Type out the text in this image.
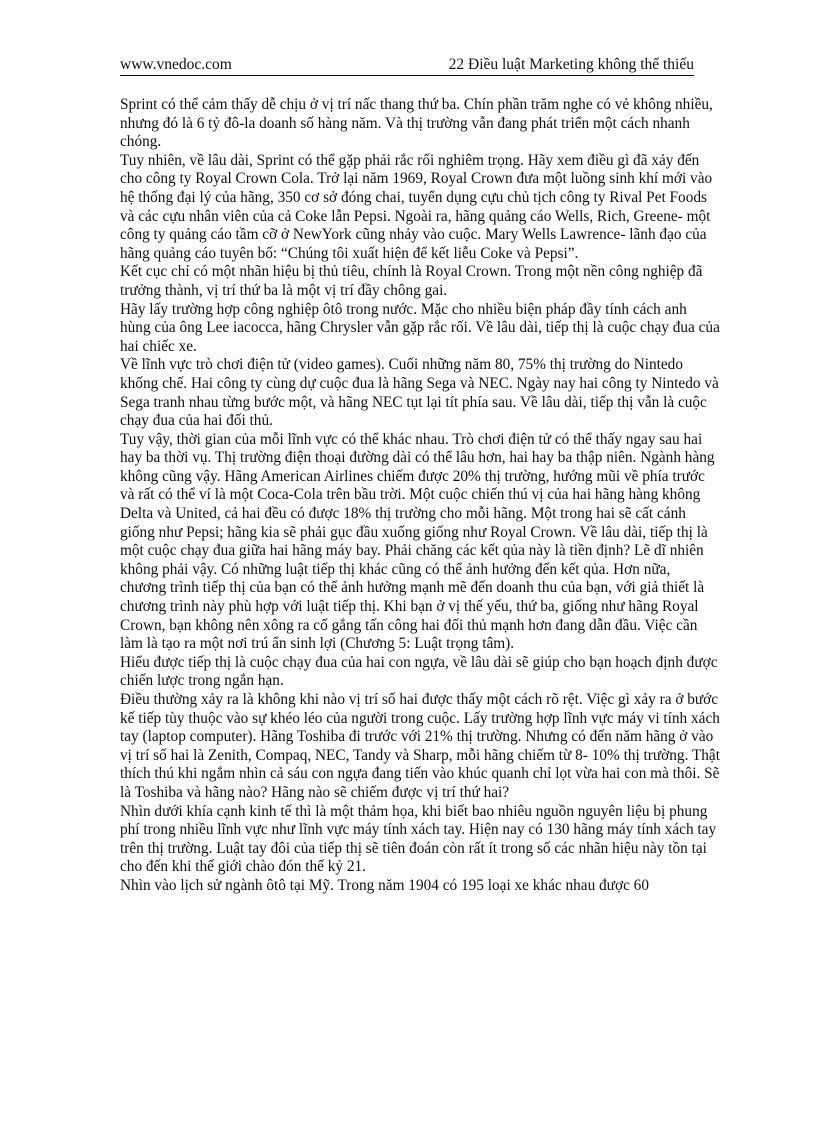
www.vnedoc.com	22 Điều luật Marketing không thể thiếu

Sprint có thể cảm thấy dễ chịu ở vị trí nấc thang thứ ba. Chín phần trăm nghe có vẻ không nhiều, nhưng đó là 6 tỷ đô-la doanh số hàng năm. Và thị trường vẫn đang phát triển một cách nhanh chóng.

Tuy nhiên, về lâu dài, Sprint có thể gặp phải rắc rối nghiêm trọng. Hãy xem điều gì đã xảy đến cho công ty Royal Crown Cola. Trở lại năm 1969, Royal Crown đưa một luồng sinh khí mới vào hệ thống đại lý của hãng, 350 cơ sở đóng chai, tuyển dụng cựu chủ tịch công ty Rival Pet Foods và các cựu nhân viên của cả Coke lẫn Pepsi. Ngoài ra, hãng quảng cáo Wells, Rich, Greene- một công ty quảng cáo tầm cỡ ở NewYork cũng nhảy vào cuộc. Mary Wells Lawrence- lãnh đạo của hãng quảng cáo tuyên bố: “Chúng tôi xuất hiện để kết liễu Coke và Pepsi”.

Kết cục chỉ có một nhãn hiệu bị thủ tiêu, chính là Royal Crown. Trong một nền công nghiệp đã trưởng thành, vị trí thứ ba là một vị trí đầy chông gai.

Hãy lấy trường hợp công nghiệp ôtô trong nước. Mặc cho nhiều biện pháp đầy tính cách anh hùng của ông Lee iacocca, hãng Chrysler vẫn gặp rắc rối. Về lâu dài, tiếp thị là cuộc chạy đua của hai chiếc xe.

Về lĩnh vực trò chơi điện tử (video games). Cuối những năm 80, 75% thị trường do Nintedo khống chế. Hai công ty cùng dự cuộc đua là hãng Sega và NEC. Ngày nay hai công ty Nintedo và Sega tranh nhau từng bước một, và hãng NEC tụt lại tít phía sau. Về lâu dài, tiếp thị vẫn là cuộc chạy đua của hai đối thủ.

Tuy vậy, thời gian của mỗi lĩnh vực có thể khác nhau. Trò chơi điện tử có thể thấy ngay sau hai hay ba thời vụ. Thị trường điện thoại đường dài có thể lâu hơn, hai hay ba thập niên. Ngành hàng không cũng vậy. Hãng American Airlines chiếm được 20% thị trường, hướng mũi về phía trước và rất có thể ví là một Coca-Cola trên bầu trời. Một cuộc chiến thú vị của hai hãng hàng không Delta và United, cả hai đều có được 18% thị trường cho mỗi hãng. Một trong hai sẽ cất cánh giống như Pepsi; hãng kia sẽ phải gục đầu xuống giống như Royal Crown. Về lâu dài, tiếp thị là một cuộc chạy đua giữa hai hãng máy bay. Phải chăng các kết qủa này là tiền định? Lẽ dĩ nhiên không phải vậy. Có những luật tiếp thị khác cũng có thể ảnh hưởng đến kết qủa. Hơn nữa, chương trình tiếp thị của bạn có thể ảnh hưởng mạnh mẽ đến doanh thu của bạn, với giả thiết là chương trình này phù hợp với luật tiếp thị. Khi bạn ở vị thế yếu, thứ ba, giống như hãng Royal Crown, bạn không nên xông ra cố gắng tấn công hai đối thủ mạnh hơn đang dẫn đầu. Việc cần làm là tạo ra một nơi trú ẩn sinh lợi (Chương 5: Luật trọng tâm).

Hiểu được tiếp thị là cuộc chạy đua của hai con ngựa, về lâu dài sẽ giúp cho bạn hoạch định được chiến lược trong ngắn hạn.

Điều thường xảy ra là không khi nào vị trí số hai được thấy một cách rõ rệt. Việc gì xảy ra ở bước kế tiếp tùy thuộc vào sự khéo léo của người trong cuộc. Lấy trường hợp lĩnh vực máy vi tính xách tay (laptop computer). Hãng Toshiba đi trước với 21% thị trường. Nhưng có đến năm hãng ở vào vị trí số hai là Zenith, Compaq, NEC, Tandy và Sharp, mỗi hãng chiếm từ 8- 10% thị trường. Thật thích thú khi ngắm nhìn cả sáu con ngựa đang tiến vào khúc quanh chỉ lọt vừa hai con mà thôi. Sẽ là Toshiba và hãng nào? Hãng nào sẽ chiếm được vị trí thứ hai?

Nhìn dưới khía cạnh kinh tế thì là một thảm họa, khi biết bao nhiêu nguồn nguyên liệu bị phung phí trong nhiều lĩnh vực như lĩnh vực máy tính xách tay. Hiện nay có 130 hãng máy tính xách tay trên thị trường. Luật tay đôi của tiếp thị sẽ tiên đoán còn rất ít trong số các nhãn hiệu này tồn tại cho đến khi thế giới chào đón thế kỷ 21.

Nhìn vào lịch sử ngành ôtô tại Mỹ. Trong năm 1904 có 195 loại xe khác nhau được 60
